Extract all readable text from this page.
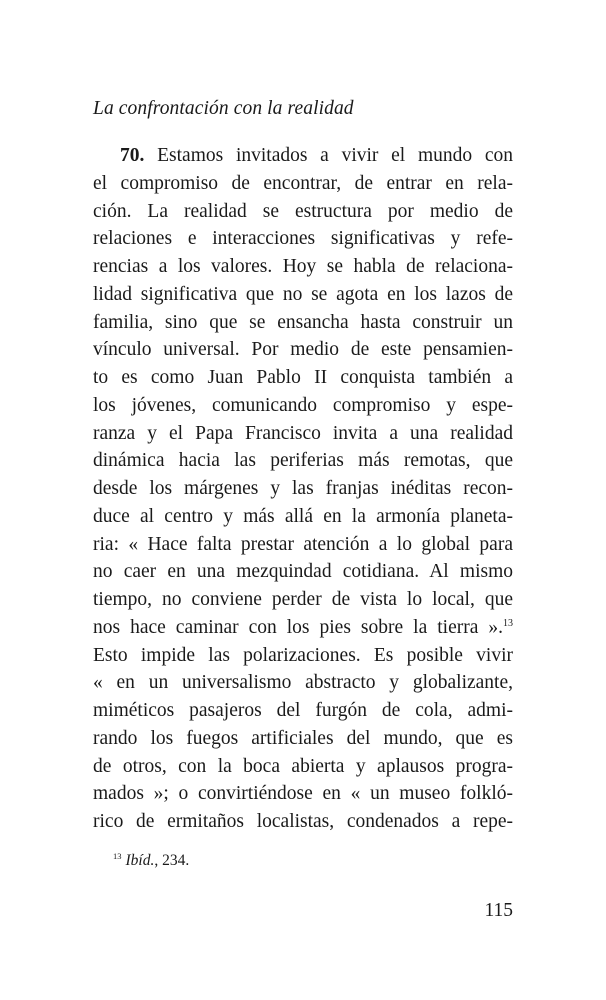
La confrontación con la realidad
70. Estamos invitados a vivir el mundo con
el compromiso de encontrar, de entrar en rela-
ción. La realidad se estructura por medio de
relaciones e interacciones significativas y refe-
rencias a los valores. Hoy se habla de relaciona-
lidad significativa que no se agota en los lazos de
familia, sino que se ensancha hasta construir un
vínculo universal. Por medio de este pensamien-
to es como Juan Pablo II conquista también a
los jóvenes, comunicando compromiso y espe-
ranza y el Papa Francisco invita a una realidad
dinámica hacia las periferias más remotas, que
desde los márgenes y las franjas inéditas recon-
duce al centro y más allá en la armonía planeta-
ria: « Hace falta prestar atención a lo global para
no caer en una mezquindad cotidiana. Al mismo
tiempo, no conviene perder de vista lo local, que
nos hace caminar con los pies sobre la tierra ».$^{13}$
Esto impide las polarizaciones. Es posible vivir
« en un universalismo abstracto y globalizante,
miméticos pasajeros del furgón de cola, admi-
rando los fuegos artificiales del mundo, que es
de otros, con la boca abierta y aplausos progra-
mados »; o convirtiéndose en « un museo folkló-
rico de ermitaños localistas, condenados a repe-
$^{13}$ Ibíd., 234.
115
